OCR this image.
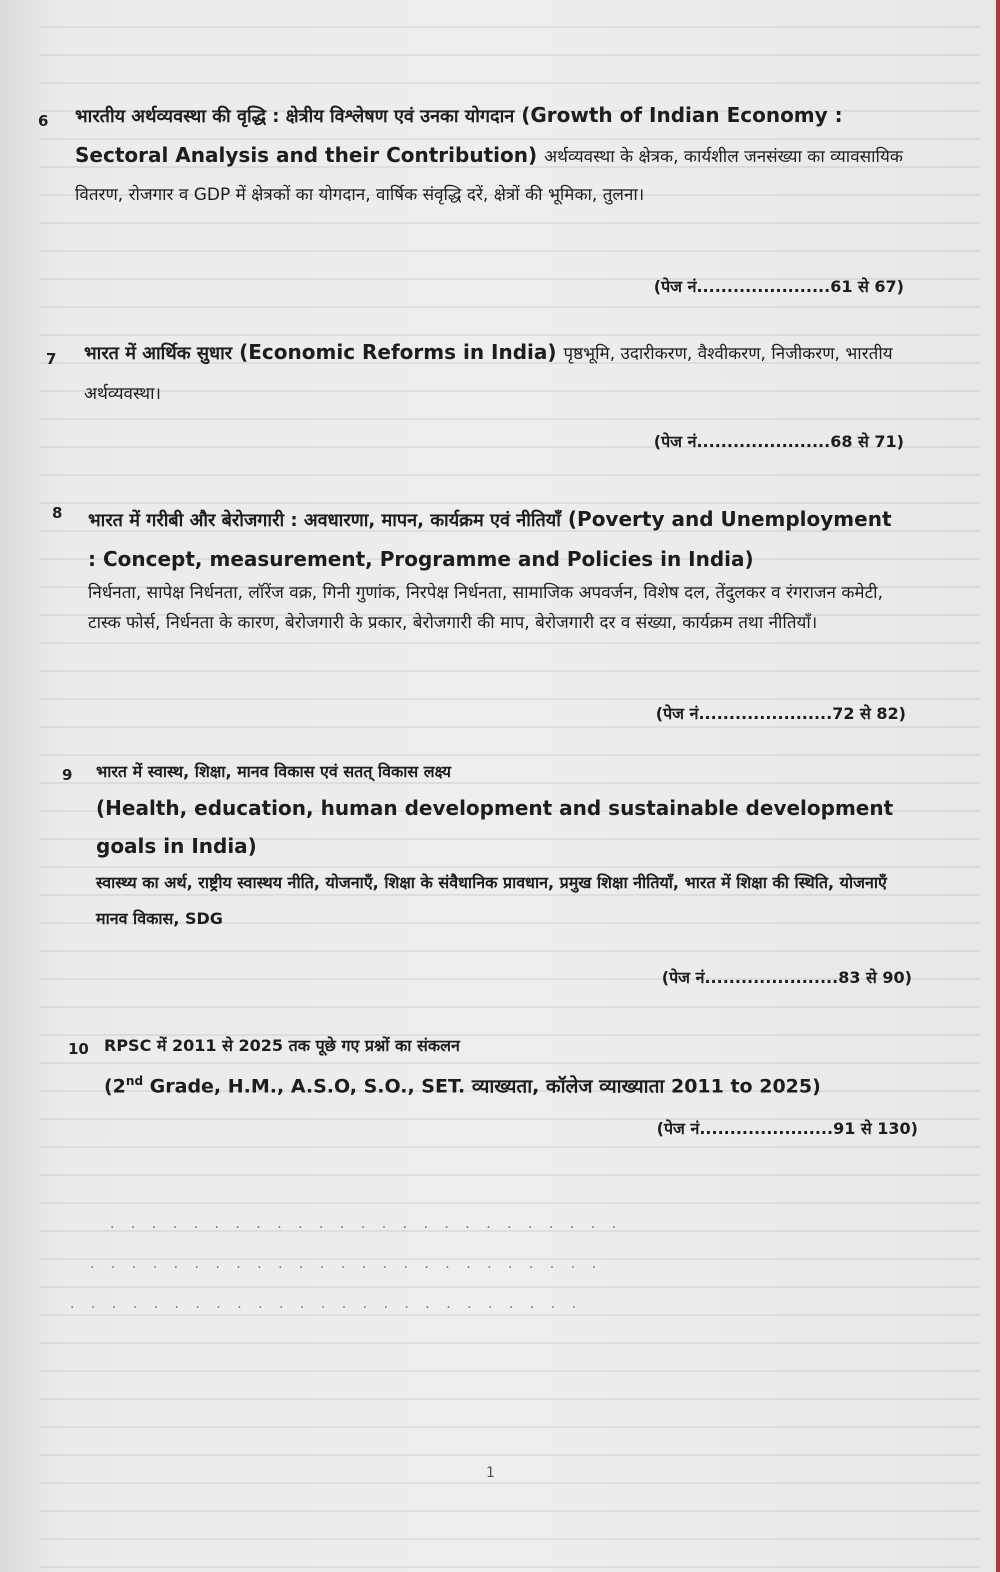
6 भारतीय अर्थव्यवस्था की वृद्धि : क्षेत्रीय विश्लेषण एवं उनका योगदान (Growth of Indian Economy : Sectoral Analysis and their Contribution) अर्थव्यवस्था के क्षेत्रक, कार्यशील जनसंख्या का व्यावसायिक वितरण, रोजगार व GDP में क्षेत्रकों का योगदान, वार्षिक संवृद्धि दरें, क्षेत्रों की भूमिका, तुलना।
(पेज नं......................61 से 67)
7 भारत में आर्थिक सुधार (Economic Reforms in India) पृष्ठभूमि, उदारीकरण, वैश्वीकरण, निजीकरण, भारतीय अर्थव्यवस्था।
(पेज नं......................68 से 71)
8 भारत में गरीबी और बेरोजगारी : अवधारणा, मापन, कार्यक्रम एवं नीतियाँ (Poverty and Unemployment : Concept, measurement, Programme and Policies in India)
निर्धनता, सापेक्ष निर्धनता, लॉरेंज वक्र, गिनी गुणांक, निरपेक्ष निर्धनता, सामाजिक अपवर्जन, विशेष दल, तेंदुलकर व रंगराजन कमेटी, टास्क फोर्स, निर्धनता के कारण, बेरोजगारी के प्रकार, बेरोजगारी की माप, बेरोजगारी दर व संख्या, कार्यक्रम तथा नीतियाँ।
(पेज नं......................72 से 82)
9 भारत में स्वास्थ, शिक्षा, मानव विकास एवं सतत् विकास लक्ष्य
(Health, education, human development and sustainable development goals in India)
स्वास्थ्य का अर्थ, राष्ट्रीय स्वास्थय नीति, योजनाएँ, शिक्षा के संवैधानिक प्रावधान, प्रमुख शिक्षा नीतियाँ, भारत में शिक्षा की स्थिति, योजनाएँ मानव विकास, SDG
(पेज नं......................83 से 90)
10 RPSC में 2011 से 2025 तक पूछे गए प्रश्नों का संकलन
(2nd Grade, H.M., A.S.O, S.O., SET. व्याख्यता, कॉलेज व्याख्याता 2011 to 2025)
(पेज नं......................91 से 130)
. . . . . . . . . . . . . . . . . . . . . . . . .
. . . . . . . . . . . . . . . . . . . . . . . . .
. . . . . . . . . . . . . . . . . . . . . . . . .
1
